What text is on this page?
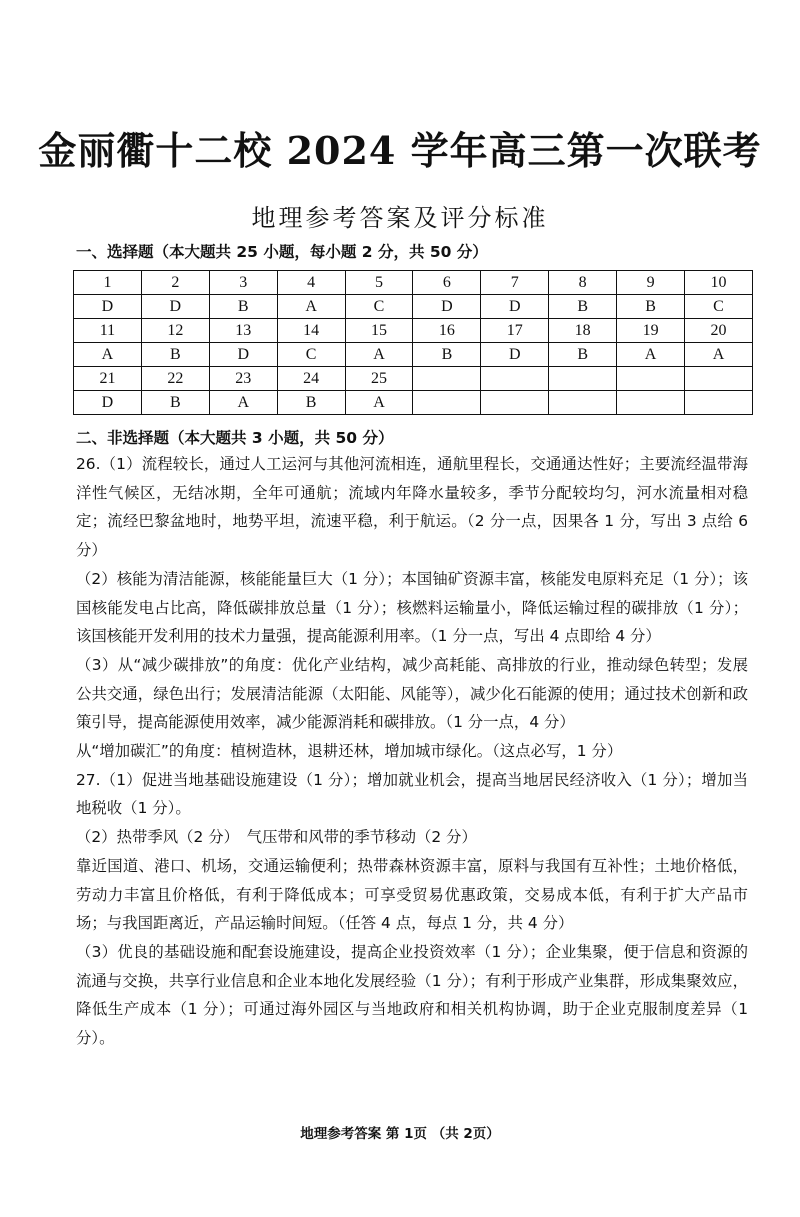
金丽衢十二校 2024 学年高三第一次联考
地理参考答案及评分标准
一、选择题（本大题共 25 小题，每小题 2 分，共 50 分）
1	2	3	4	5	6	7	8	9	10
D	D	B	A	C	D	D	B	B	C
11	12	13	14	15	16	17	18	19	20
A	B	D	C	A	B	D	B	A	A
21	22	23	24	25					
D	B	A	B	A					
二、非选择题（本大题共 3 小题，共 50 分）

26.（1）流程较长，通过人工运河与其他河流相连，通航里程长，交通通达性好；主要流经温带海洋性气候区，无结冰期，全年可通航；流域内年降水量较多，季节分配较均匀，河水流量相对稳定；流经巴黎盆地时，地势平坦，流速平稳，利于航运。（2 分一点，因果各 1 分，写出 3 点给 6 分）

（2）核能为清洁能源，核能能量巨大（1 分）；本国铀矿资源丰富，核能发电原料充足（1 分）；该国核能发电占比高，降低碳排放总量（1 分）；核燃料运输量小，降低运输过程的碳排放（1 分）；该国核能开发利用的技术力量强，提高能源利用率。（1 分一点，写出 4 点即给 4 分）

（3）从“减少碳排放”的角度：优化产业结构，减少高耗能、高排放的行业，推动绿色转型；发展公共交通，绿色出行；发展清洁能源（太阳能、风能等），减少化石能源的使用；通过技术创新和政策引导，提高能源使用效率，减少能源消耗和碳排放。（1 分一点，4 分）

从“增加碳汇”的角度：植树造林，退耕还林，增加城市绿化。（这点必写，1 分）

27.（1）促进当地基础设施建设（1 分）；增加就业机会，提高当地居民经济收入（1 分）；增加当地税收（1 分）。

（2）热带季风（2 分）　气压带和风带的季节移动（2 分）

靠近国道、港口、机场，交通运输便利；热带森林资源丰富，原料与我国有互补性；土地价格低，劳动力丰富且价格低，有利于降低成本；可享受贸易优惠政策，交易成本低，有利于扩大产品市场；与我国距离近，产品运输时间短。（任答 4 点，每点 1 分，共 4 分）

（3）优良的基础设施和配套设施建设，提高企业投资效率（1 分）；企业集聚，便于信息和资源的流通与交换，共享行业信息和企业本地化发展经验（1 分）；有利于形成产业集群，形成集聚效应，降低生产成本（1 分）；可通过海外园区与当地政府和相关机构协调，助于企业克服制度差异（1 分）。

地理参考答案 第 1页 （共 2页）
